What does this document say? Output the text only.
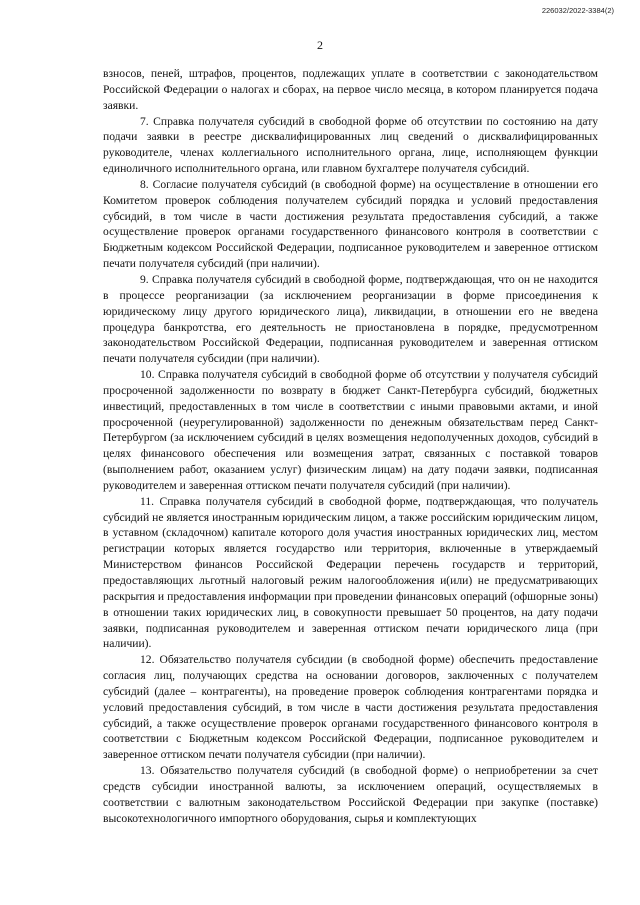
226032/2022-3384(2)
2

взносов, пеней, штрафов, процентов, подлежащих уплате в соответствии с законодательством Российской Федерации о налогах и сборах, на первое число месяца, в котором планируется подача заявки.

7. Справка получателя субсидий в свободной форме об отсутствии по состоянию на дату подачи заявки в реестре дисквалифицированных лиц сведений о дисквалифицированных руководителе, членах коллегиального исполнительного органа, лице, исполняющем функции единоличного исполнительного органа, или главном бухгалтере получателя субсидий.

8. Согласие получателя субсидий (в свободной форме) на осуществление в отношении его Комитетом проверок соблюдения получателем субсидий порядка и условий предоставления субсидий, в том числе в части достижения результата предоставления субсидий, а также осуществление проверок органами государственного финансового контроля в соответствии с Бюджетным кодексом Российской Федерации, подписанное руководителем и заверенное оттиском печати получателя субсидий (при наличии).

9. Справка получателя субсидий в свободной форме, подтверждающая, что он не находится в процессе реорганизации (за исключением реорганизации в форме присоединения к юридическому лицу другого юридического лица), ликвидации, в отношении его не введена процедура банкротства, его деятельность не приостановлена в порядке, предусмотренном законодательством Российской Федерации, подписанная руководителем и заверенная оттиском печати получателя субсидии (при наличии).

10. Справка получателя субсидий в свободной форме об отсутствии у получателя субсидий просроченной задолженности по возврату в бюджет Санкт-Петербурга субсидий, бюджетных инвестиций, предоставленных в том числе в соответствии с иными правовыми актами, и иной просроченной (неурегулированной) задолженности по денежным обязательствам перед Санкт-Петербургом (за исключением субсидий в целях возмещения недополученных доходов, субсидий в целях финансового обеспечения или возмещения затрат, связанных с поставкой товаров (выполнением работ, оказанием услуг) физическим лицам) на дату подачи заявки, подписанная руководителем и заверенная оттиском печати получателя субсидий (при наличии).

11. Справка получателя субсидий в свободной форме, подтверждающая, что получатель субсидий не является иностранным юридическим лицом, а также российским юридическим лицом, в уставном (складочном) капитале которого доля участия иностранных юридических лиц, местом регистрации которых является государство или территория, включенные в утверждаемый Министерством финансов Российской Федерации перечень государств и территорий, предоставляющих льготный налоговый режим налогообложения и(или) не предусматривающих раскрытия и предоставления информации при проведении финансовых операций (офшорные зоны) в отношении таких юридических лиц, в совокупности превышает 50 процентов, на дату подачи заявки, подписанная руководителем и заверенная оттиском печати юридического лица (при наличии).

12. Обязательство получателя субсидии (в свободной форме) обеспечить предоставление согласия лиц, получающих средства на основании договоров, заключенных с получателем субсидий (далее – контрагенты), на проведение проверок соблюдения контрагентами порядка и условий предоставления субсидий, в том числе в части достижения результата предоставления субсидий, а также осуществление проверок органами государственного финансового контроля в соответствии с Бюджетным кодексом Российской Федерации, подписанное руководителем и заверенное оттиском печати получателя субсидии (при наличии).

13. Обязательство получателя субсидий (в свободной форме) о неприобретении за счет средств субсидии иностранной валюты, за исключением операций, осуществляемых в соответствии с валютным законодательством Российской Федерации при закупке (поставке) высокотехнологичного импортного оборудования, сырья и комплектующих
